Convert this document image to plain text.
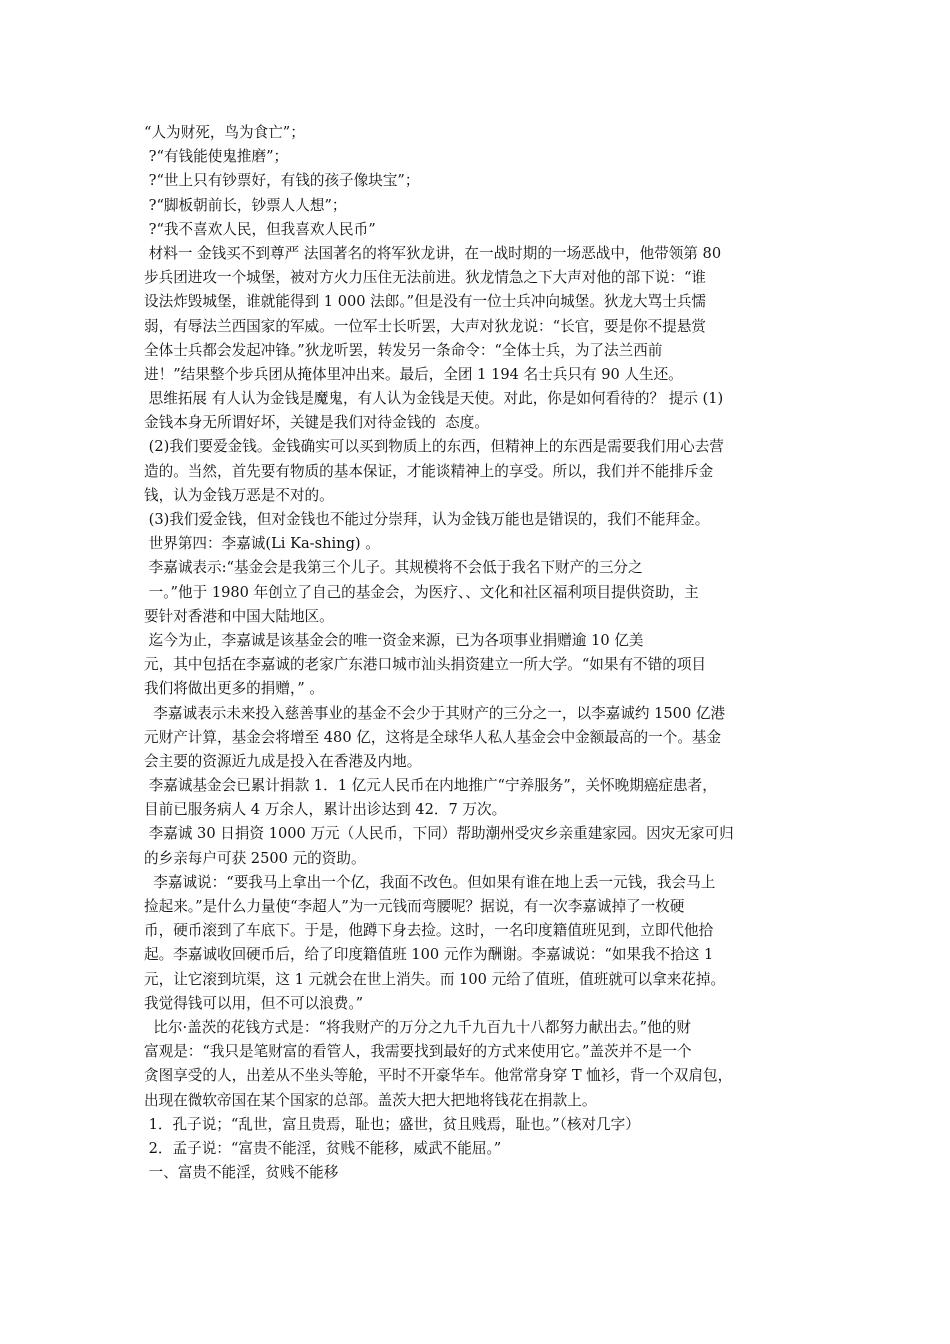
“人为财死，鸟为食亡”；
?“有钱能使鬼推磨”；
?“世上只有钞票好，有钱的孩子像块宝”；
?“脚板朝前长，钞票人人想”；
?“我不喜欢人民，但我喜欢人民币”
材料一 金钱买不到尊严 法国著名的将军狄龙讲，在一战时期的一场恶战中，他带领第 80
步兵团进攻一个城堡，被对方火力压住无法前进。狄龙情急之下大声对他的部下说：“谁
设法炸毁城堡，谁就能得到 1 000 法郎。”但是没有一位士兵冲向城堡。狄龙大骂士兵懦
弱，有辱法兰西国家的军威。一位军士长听罢，大声对狄龙说：“长官，要是你不提悬赏
全体士兵都会发起冲锋。”狄龙听罢，转发另一条命令：“全体士兵，为了法兰西前
进！”结果整个步兵团从掩体里冲出来。最后，全团 1 194 名士兵只有 90 人生还。
思维拓展 有人认为金钱是魔鬼，有人认为金钱是天使。对此，你是如何看待的？ 提示 (1)
金钱本身无所谓好坏，关键是我们对待金钱的  态度。
(2)我们要爱金钱。金钱确实可以买到物质上的东西，但精神上的东西是需要我们用心去营
造的。当然，首先要有物质的基本保证，才能谈精神上的享受。所以，我们并不能排斥金
钱，认为金钱万恶是不对的。
(3)我们爱金钱，但对金钱也不能过分崇拜，认为金钱万能也是错误的，我们不能拜金。
世界第四：李嘉诚(Li Ka-shing) 。
李嘉诚表示:“基金会是我第三个儿子。其规模将不会低于我名下财产的三分之
一。”他于 1980 年创立了自己的基金会，为医疗、、文化和社区福利项目提供资助，主
要针对香港和中国大陆地区。
迄今为止，李嘉诚是该基金会的唯一资金来源，已为各项事业捐赠逾 10 亿美
元，其中包括在李嘉诚的老家广东港口城市汕头捐资建立一所大学。“如果有不错的项目
我们将做出更多的捐赠，” 。
李嘉诚表示未来投入慈善事业的基金不会少于其财产的三分之一，以李嘉诚约 1500 亿港
元财产计算，基金会将增至 480 亿，这将是全球华人私人基金会中金额最高的一个。基金
会主要的资源近九成是投入在香港及内地。
李嘉诚基金会已累计捐款 1．1 亿元人民币在内地推广“宁养服务”，关怀晚期癌症患者，
目前已服务病人 4 万余人，累计出诊达到 42．7 万次。
李嘉诚 30 日捐资 1000 万元（人民币，下同）帮助潮州受灾乡亲重建家园。因灾无家可归
的乡亲每户可获 2500 元的资助。
李嘉诚说：“要我马上拿出一个亿，我面不改色。但如果有谁在地上丢一元钱，我会马上
捡起来。”是什么力量使“李超人”为一元钱而弯腰呢？据说，有一次李嘉诚掉了一枚硬
币，硬币滚到了车底下。于是，他蹲下身去捡。这时，一名印度籍值班见到，立即代他拾
起。李嘉诚收回硬币后，给了印度籍值班 100 元作为酬谢。李嘉诚说：“如果我不拾这 1
元，让它滚到坑渠，这 1 元就会在世上消失。而 100 元给了值班，值班就可以拿来花掉。
我觉得钱可以用，但不可以浪费。”
比尔·盖茨的花钱方式是：“将我财产的万分之九千九百九十八都努力献出去。”他的财
富观是：“我只是笔财富的看管人，我需要找到最好的方式来使用它。”盖茨并不是一个
贪图享受的人，出差从不坐头等舱，平时不开豪华车。他常常身穿 T 恤衫，背一个双肩包，
出现在微软帝国在某个国家的总部。盖茨大把大把地将钱花在捐款上。
1．孔子说；“乱世，富且贵焉，耻也；盛世，贫且贱焉，耻也。”（核对几字）
2．孟子说：“富贵不能淫，贫贱不能移，威武不能屈。”
一、富贵不能淫，贫贱不能移
